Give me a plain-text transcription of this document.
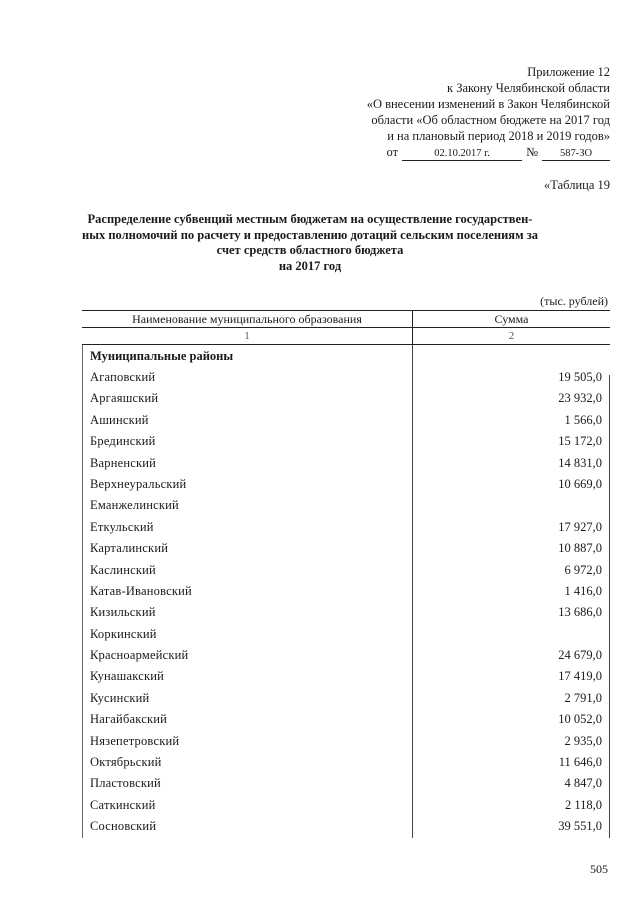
Приложение 12
к Закону Челябинской области
«О внесении изменений в Закон Челябинской
области «Об областном бюджете на 2017 год
и на плановый период 2018 и 2019 годов»
от	02.10.2017 г.	№	587-ЗО
«Таблица 19
Распределение субвенций местным бюджетам на осуществление государствен-
ных полномочий по расчету и предоставлению дотаций сельским поселениям за
счет средств областного бюджета
на 2017 год
(тыс. рублей)
Наименование муниципального образования	Сумма
1	2
Муниципальные районы
Агаповский	19 505,0
Аргаяшский	23 932,0
Ашинский	1 566,0
Брединский	15 172,0
Варненский	14 831,0
Верхнеуральский	10 669,0
Еманжелинский
Еткульский	17 927,0
Карталинский	10 887,0
Каслинский	6 972,0
Катав-Ивановский	1 416,0
Кизильский	13 686,0
Коркинский
Красноармейский	24 679,0
Кунашакский	17 419,0
Кусинский	2 791,0
Нагайбакский	10 052,0
Нязепетровский	2 935,0
Октябрьский	11 646,0
Пластовский	4 847,0
Саткинский	2 118,0
Сосновский	39 551,0
505
